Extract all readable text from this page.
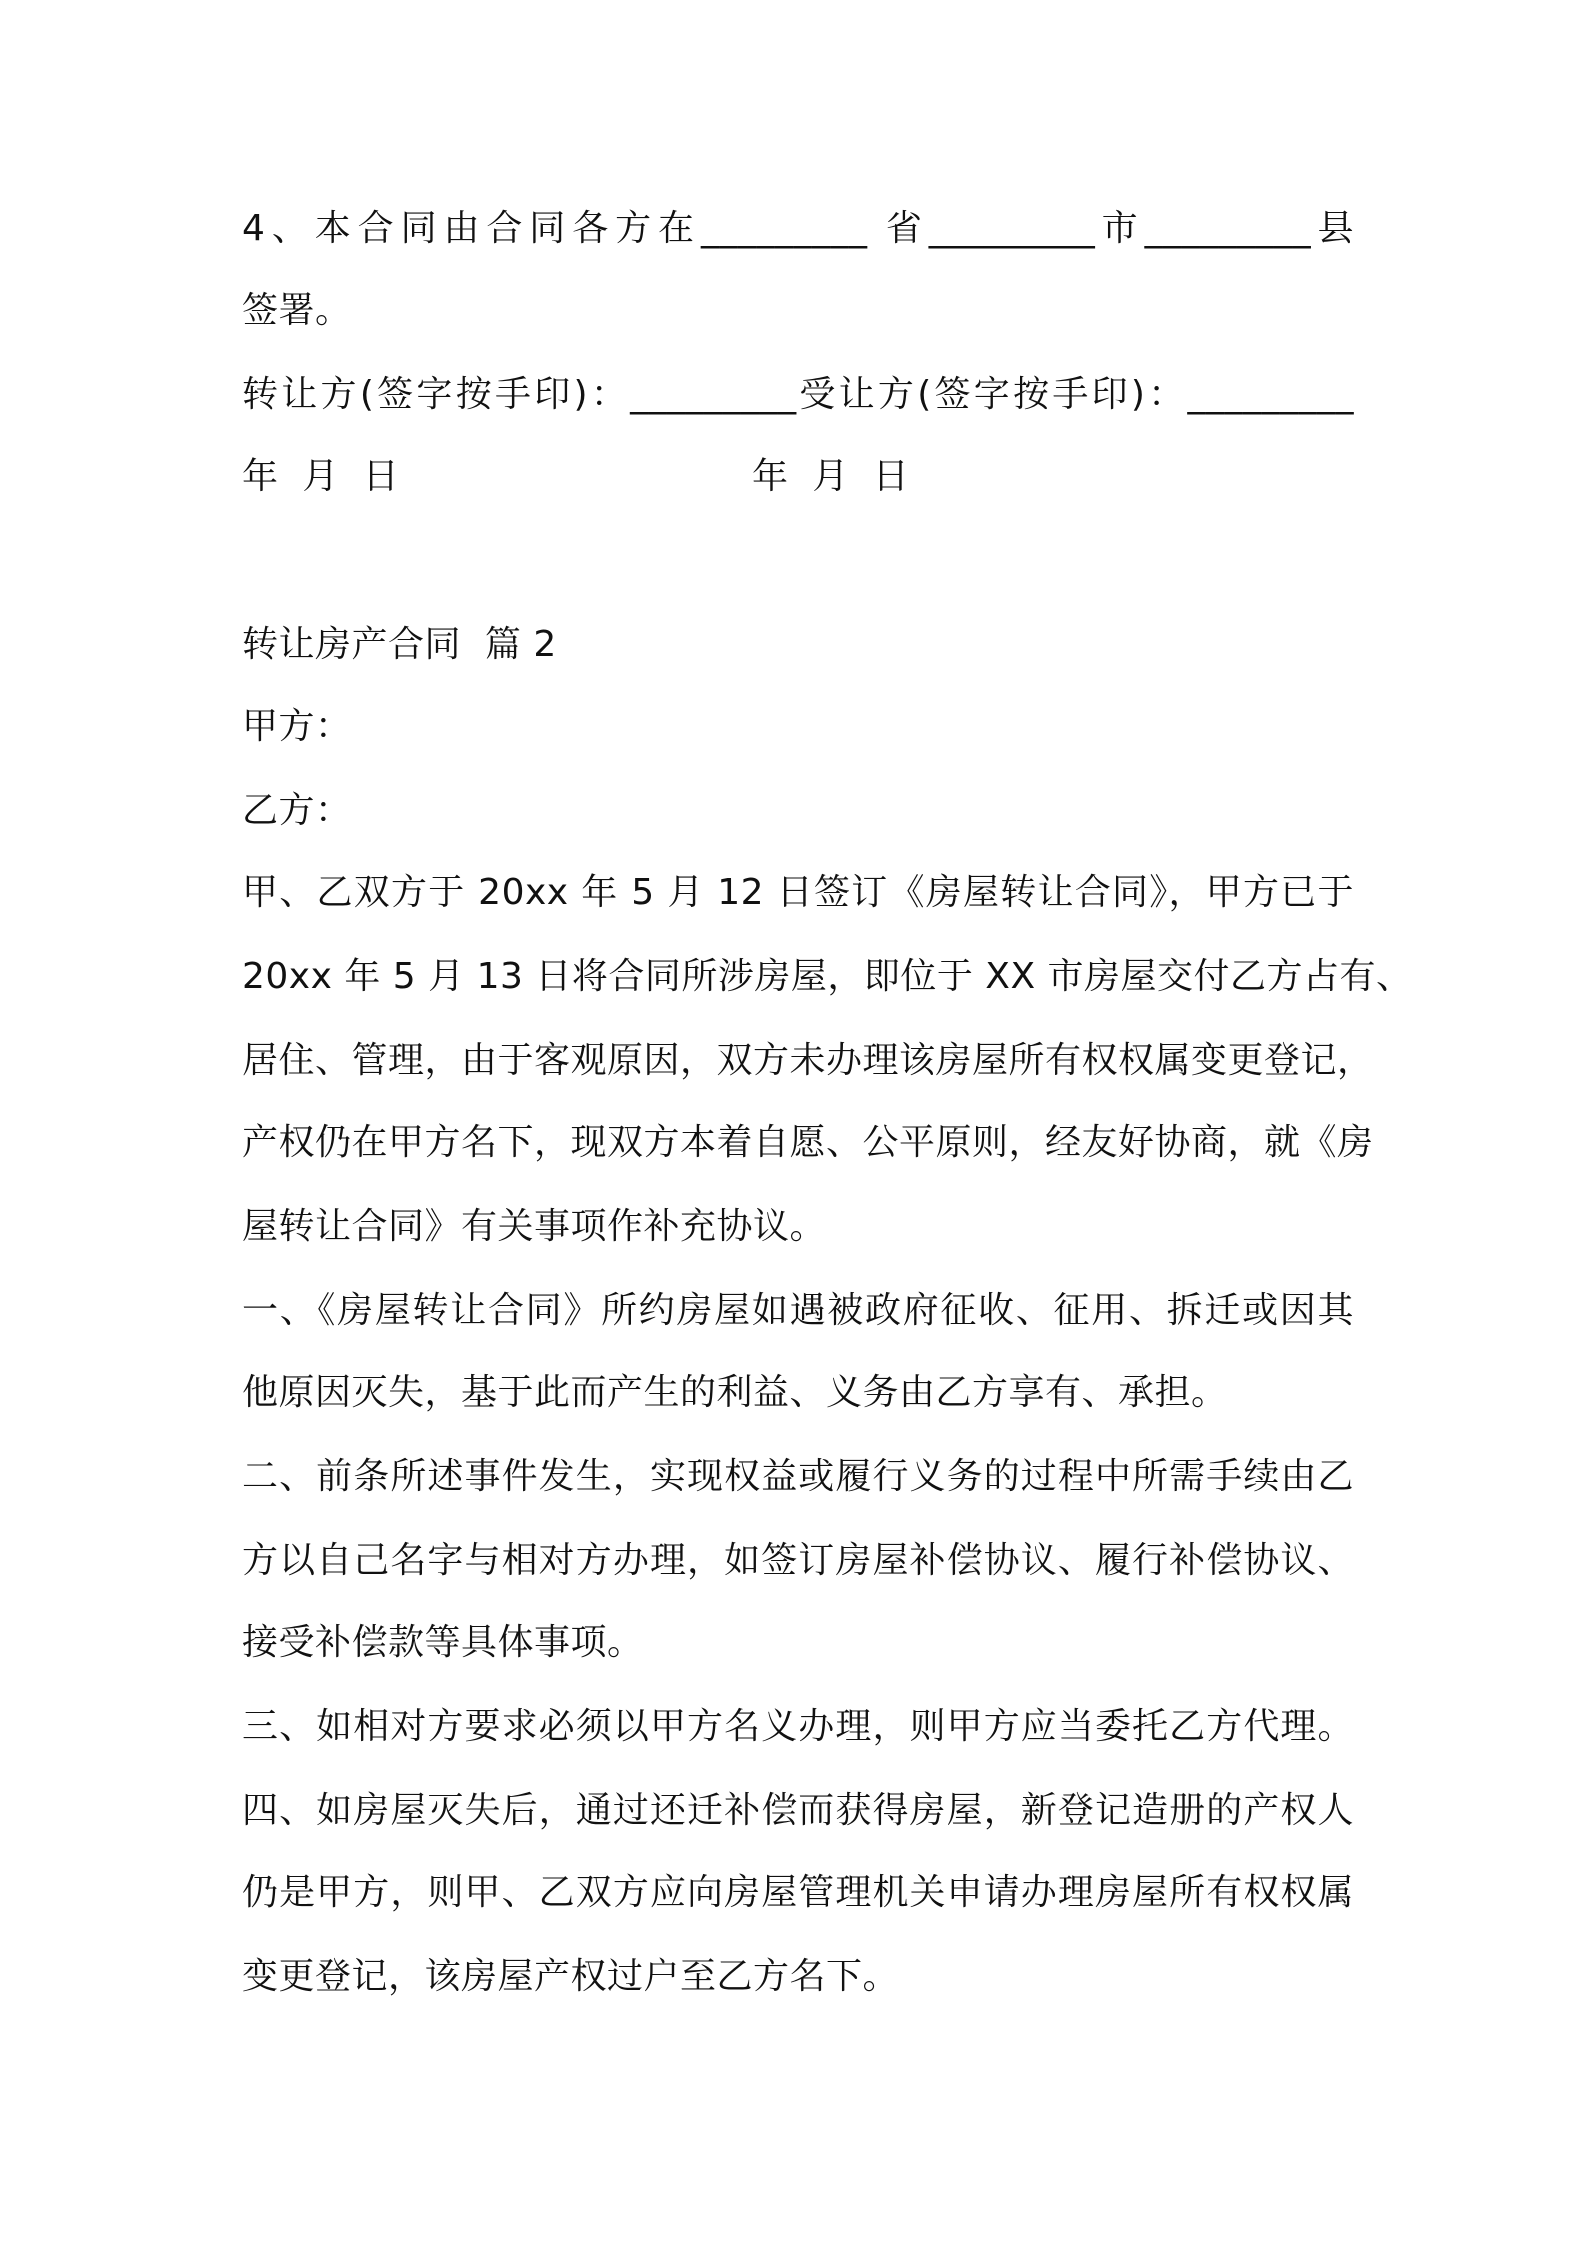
4、本合同由合同各方在_________ 省_________市_________县
签署。
转让方(签字按手印)：_________受让方(签字按手印)：_________
年  月  日	年  月  日
转让房产合同  篇 2
甲方：
乙方：
甲、乙双方于 20xx 年 5 月 12 日签订《房屋转让合同》，甲方已于
20xx 年 5 月 13 日将合同所涉房屋，即位于 XX 市房屋交付乙方占有、
居住、管理，由于客观原因，双方未办理该房屋所有权权属变更登记，
产权仍在甲方名下，现双方本着自愿、公平原则，经友好协商，就《房
屋转让合同》有关事项作补充协议。
一、《房屋转让合同》所约房屋如遇被政府征收、征用、拆迁或因其
他原因灭失，基于此而产生的利益、义务由乙方享有、承担。
二、前条所述事件发生，实现权益或履行义务的过程中所需手续由乙
方以自己名字与相对方办理，如签订房屋补偿协议、履行补偿协议、
接受补偿款等具体事项。
三、如相对方要求必须以甲方名义办理，则甲方应当委托乙方代理。
四、如房屋灭失后，通过还迁补偿而获得房屋，新登记造册的产权人
仍是甲方，则甲、乙双方应向房屋管理机关申请办理房屋所有权权属
变更登记，该房屋产权过户至乙方名下。
